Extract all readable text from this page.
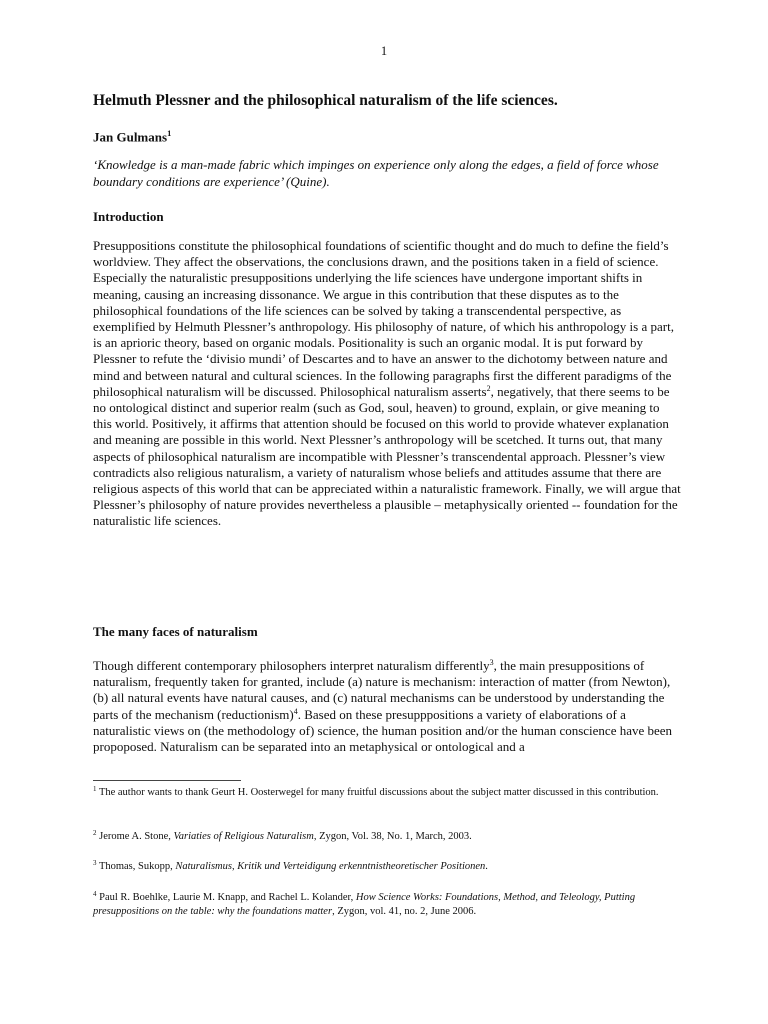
1
Helmuth Plessner and the philosophical naturalism of the life sciences.
Jan Gulmans$^1$
‘Knowledge is a man-made fabric which impinges on experience only along the edges, a field of force whose boundary conditions are experience’ (Quine).
Introduction

Presuppositions constitute the philosophical foundations of scientific thought and do much to define the field’s worldview. They affect the observations, the conclusions drawn, and the positions taken in a field of science. Especially the naturalistic presuppositions underlying the life sciences have undergone important shifts in meaning, causing an increasing dissonance. We argue in this contribution that these disputes as to the philosophical foundations of the life sciences can be solved by taking a transcendental perspective, as exemplified by Helmuth Plessner’s anthropology. His philosophy of nature, of which his anthropology is a part, is an aprioric theory, based on organic modals. Positionality is such an organic modal. It is put forward by Plessner to refute the ‘divisio mundi’ of Descartes and to have an answer to the dichotomy between nature and mind and between natural and cultural sciences. In the following paragraphs first the different paradigms of the philosophical naturalism will be discussed. Philosophical naturalism asserts$^2$, negatively, that there seems to be no ontological distinct and superior realm (such as God, soul, heaven) to ground, explain, or give meaning to this world. Positively, it affirms that attention should be focused on this world to provide whatever explanation and meaning are possible in this world. Next Plessner’s anthropology will be scetched. It turns out, that many aspects of philosophical naturalism are incompatible with Plessner’s transcendental approach. Plessner’s view contradicts also religious naturalism, a variety of naturalism whose beliefs and attitudes assume that there are religious aspects of this world that can be appreciated within a naturalistic framework. Finally, we will argue that Plessner’s philosophy of nature provides nevertheless a plausible – metaphysically oriented -- foundation for the naturalistic life sciences.

The many faces of naturalism

Though different contemporary philosophers interpret naturalism differently$^3$, the main presuppositions of naturalism, frequently taken for granted, include (a) nature is mechanism: interaction of matter (from Newton), (b) all natural events have natural causes, and (c) natural mechanisms can be understood by understanding the parts of the mechanism (reductionism)$^4$. Based on these presupppositions a variety of elaborations of a naturalistic views on (the methodology of) science, the human position and/or the human conscience have been propoposed. Naturalism can be separated into an metaphysical or ontological and a

$^1$ The author wants to thank Geurt H. Oosterwegel for many fruitful discussions about the subject matter discussed in this contribution.
$^2$ Jerome A. Stone, Variaties of Religious Naturalism, Zygon, Vol. 38, No. 1, March, 2003.
$^3$ Thomas, Sukopp, Naturalismus, Kritik und Verteidigung erkenntnistheoretischer Positionen.
$^4$ Paul R. Boehlke, Laurie M. Knapp, and Rachel L. Kolander, How Science Works: Foundations, Method, and Teleology, Putting presuppositions on the table: why the foundations matter, Zygon, vol. 41, no. 2, June 2006.
